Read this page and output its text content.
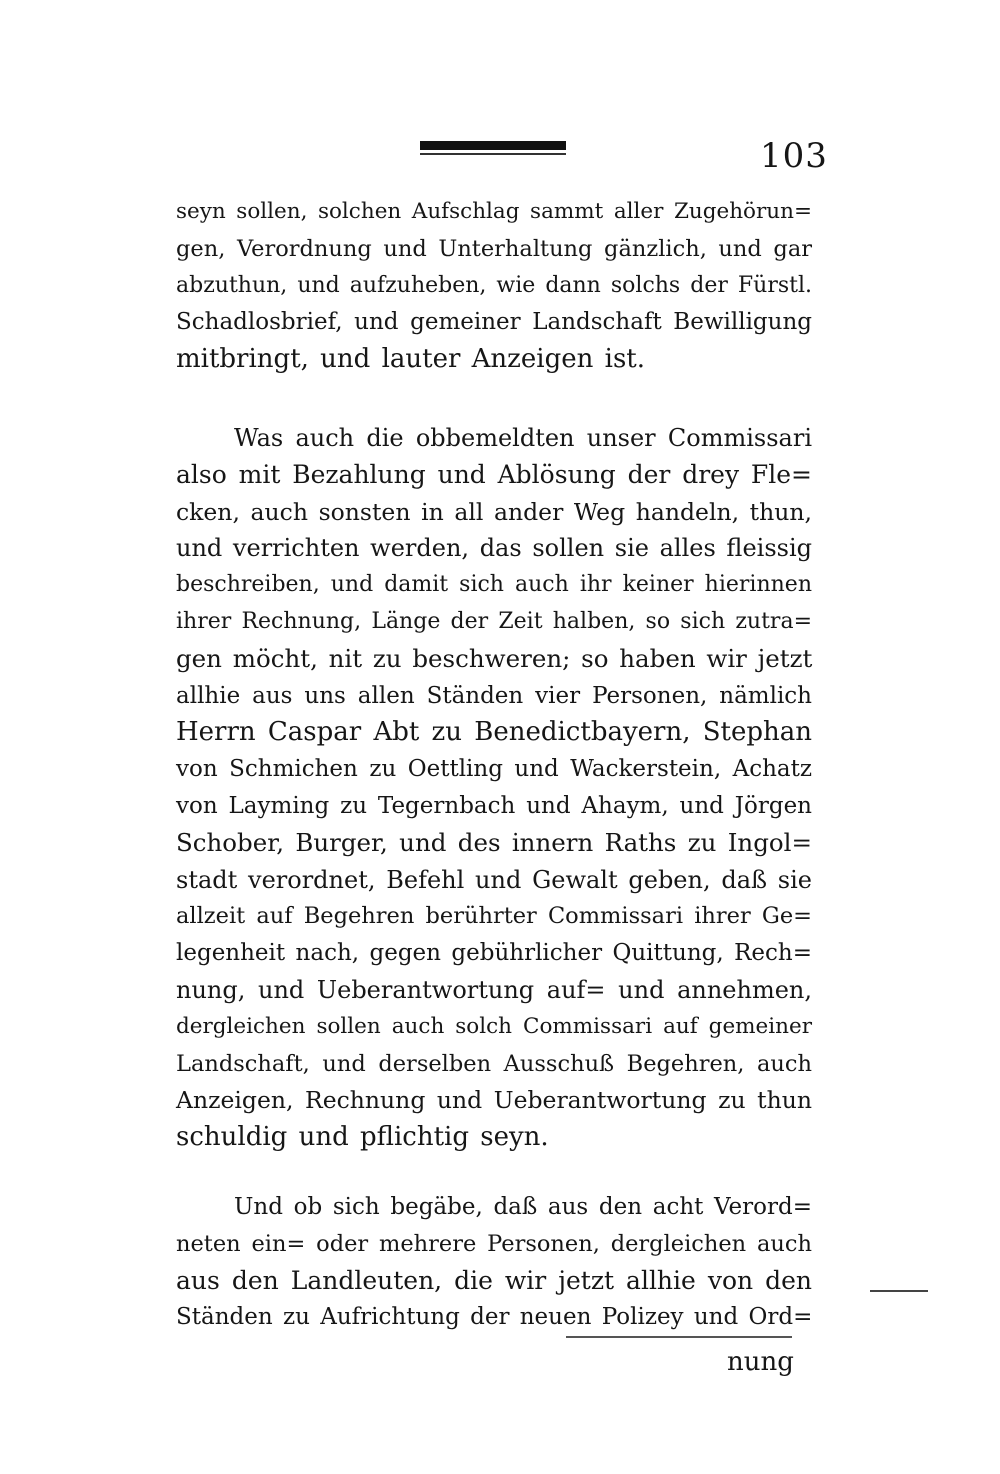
103
seyn sollen, solchen Aufschlag sammt aller Zugehörun=
gen, Verordnung und Unterhaltung gänzlich, und gar
abzuthun, und aufzuheben, wie dann solchs der Fürstl.
Schadlosbrief, und gemeiner Landschaft Bewilligung
mitbringt, und lauter Anzeigen ist.
Was auch die obbemeldten unser Commissari
also mit Bezahlung und Ablösung der drey Fle=
cken, auch sonsten in all ander Weg handeln, thun,
und verrichten werden, das sollen sie alles fleissig
beschreiben, und damit sich auch ihr keiner hierinnen
ihrer Rechnung, Länge der Zeit halben, so sich zutra=
gen möcht, nit zu beschweren; so haben wir jetzt
allhie aus uns allen Ständen vier Personen, nämlich
Herrn Caspar Abt zu Benedictbayern, Stephan
von Schmichen zu Oettling und Wackerstein, Achatz
von Layming zu Tegernbach und Ahaym, und Jörgen
Schober, Burger, und des innern Raths zu Ingol=
stadt verordnet, Befehl und Gewalt geben, daß sie
allzeit auf Begehren berührter Commissari ihrer Ge=
legenheit nach, gegen gebührlicher Quittung, Rech=
nung, und Ueberantwortung auf= und annehmen,
dergleichen sollen auch solch Commissari auf gemeiner
Landschaft, und derselben Ausschuß Begehren, auch
Anzeigen, Rechnung und Ueberantwortung zu thun
schuldig und pflichtig seyn.
Und ob sich begäbe, daß aus den acht Verord=
neten ein= oder mehrere Personen, dergleichen auch
aus den Landleuten, die wir jetzt allhie von den
Ständen zu Aufrichtung der neuen Polizey und Ord=
nung
